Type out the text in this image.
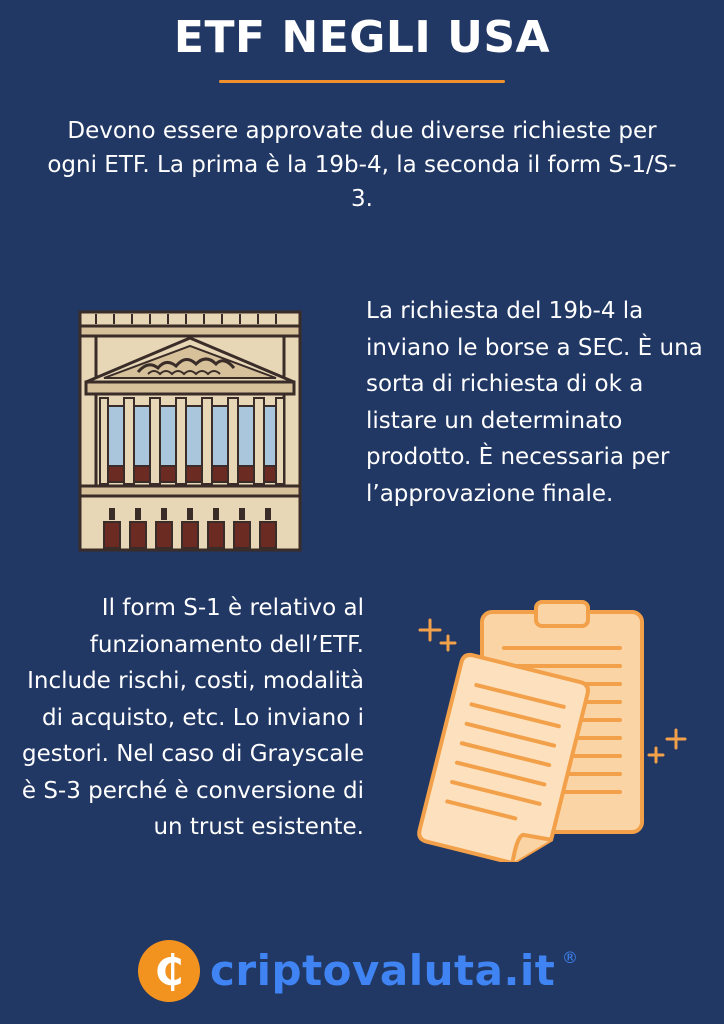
ETF NEGLI USA
Devono essere approvate due diverse richieste per ogni ETF. La prima è la 19b-4, la seconda il form S-1/S-3.
La richiesta del 19b-4 la inviano le borse a SEC. È una sorta di richiesta di ok a listare un determinato prodotto. È necessaria per l’approvazione finale.
Il form S-1 è relativo al funzionamento dell’ETF. Include rischi, costi, modalità di acquisto, etc. Lo inviano i gestori. Nel caso di Grayscale è S-3 perché è conversione di un trust esistente.
₵ criptovaluta.it ®
